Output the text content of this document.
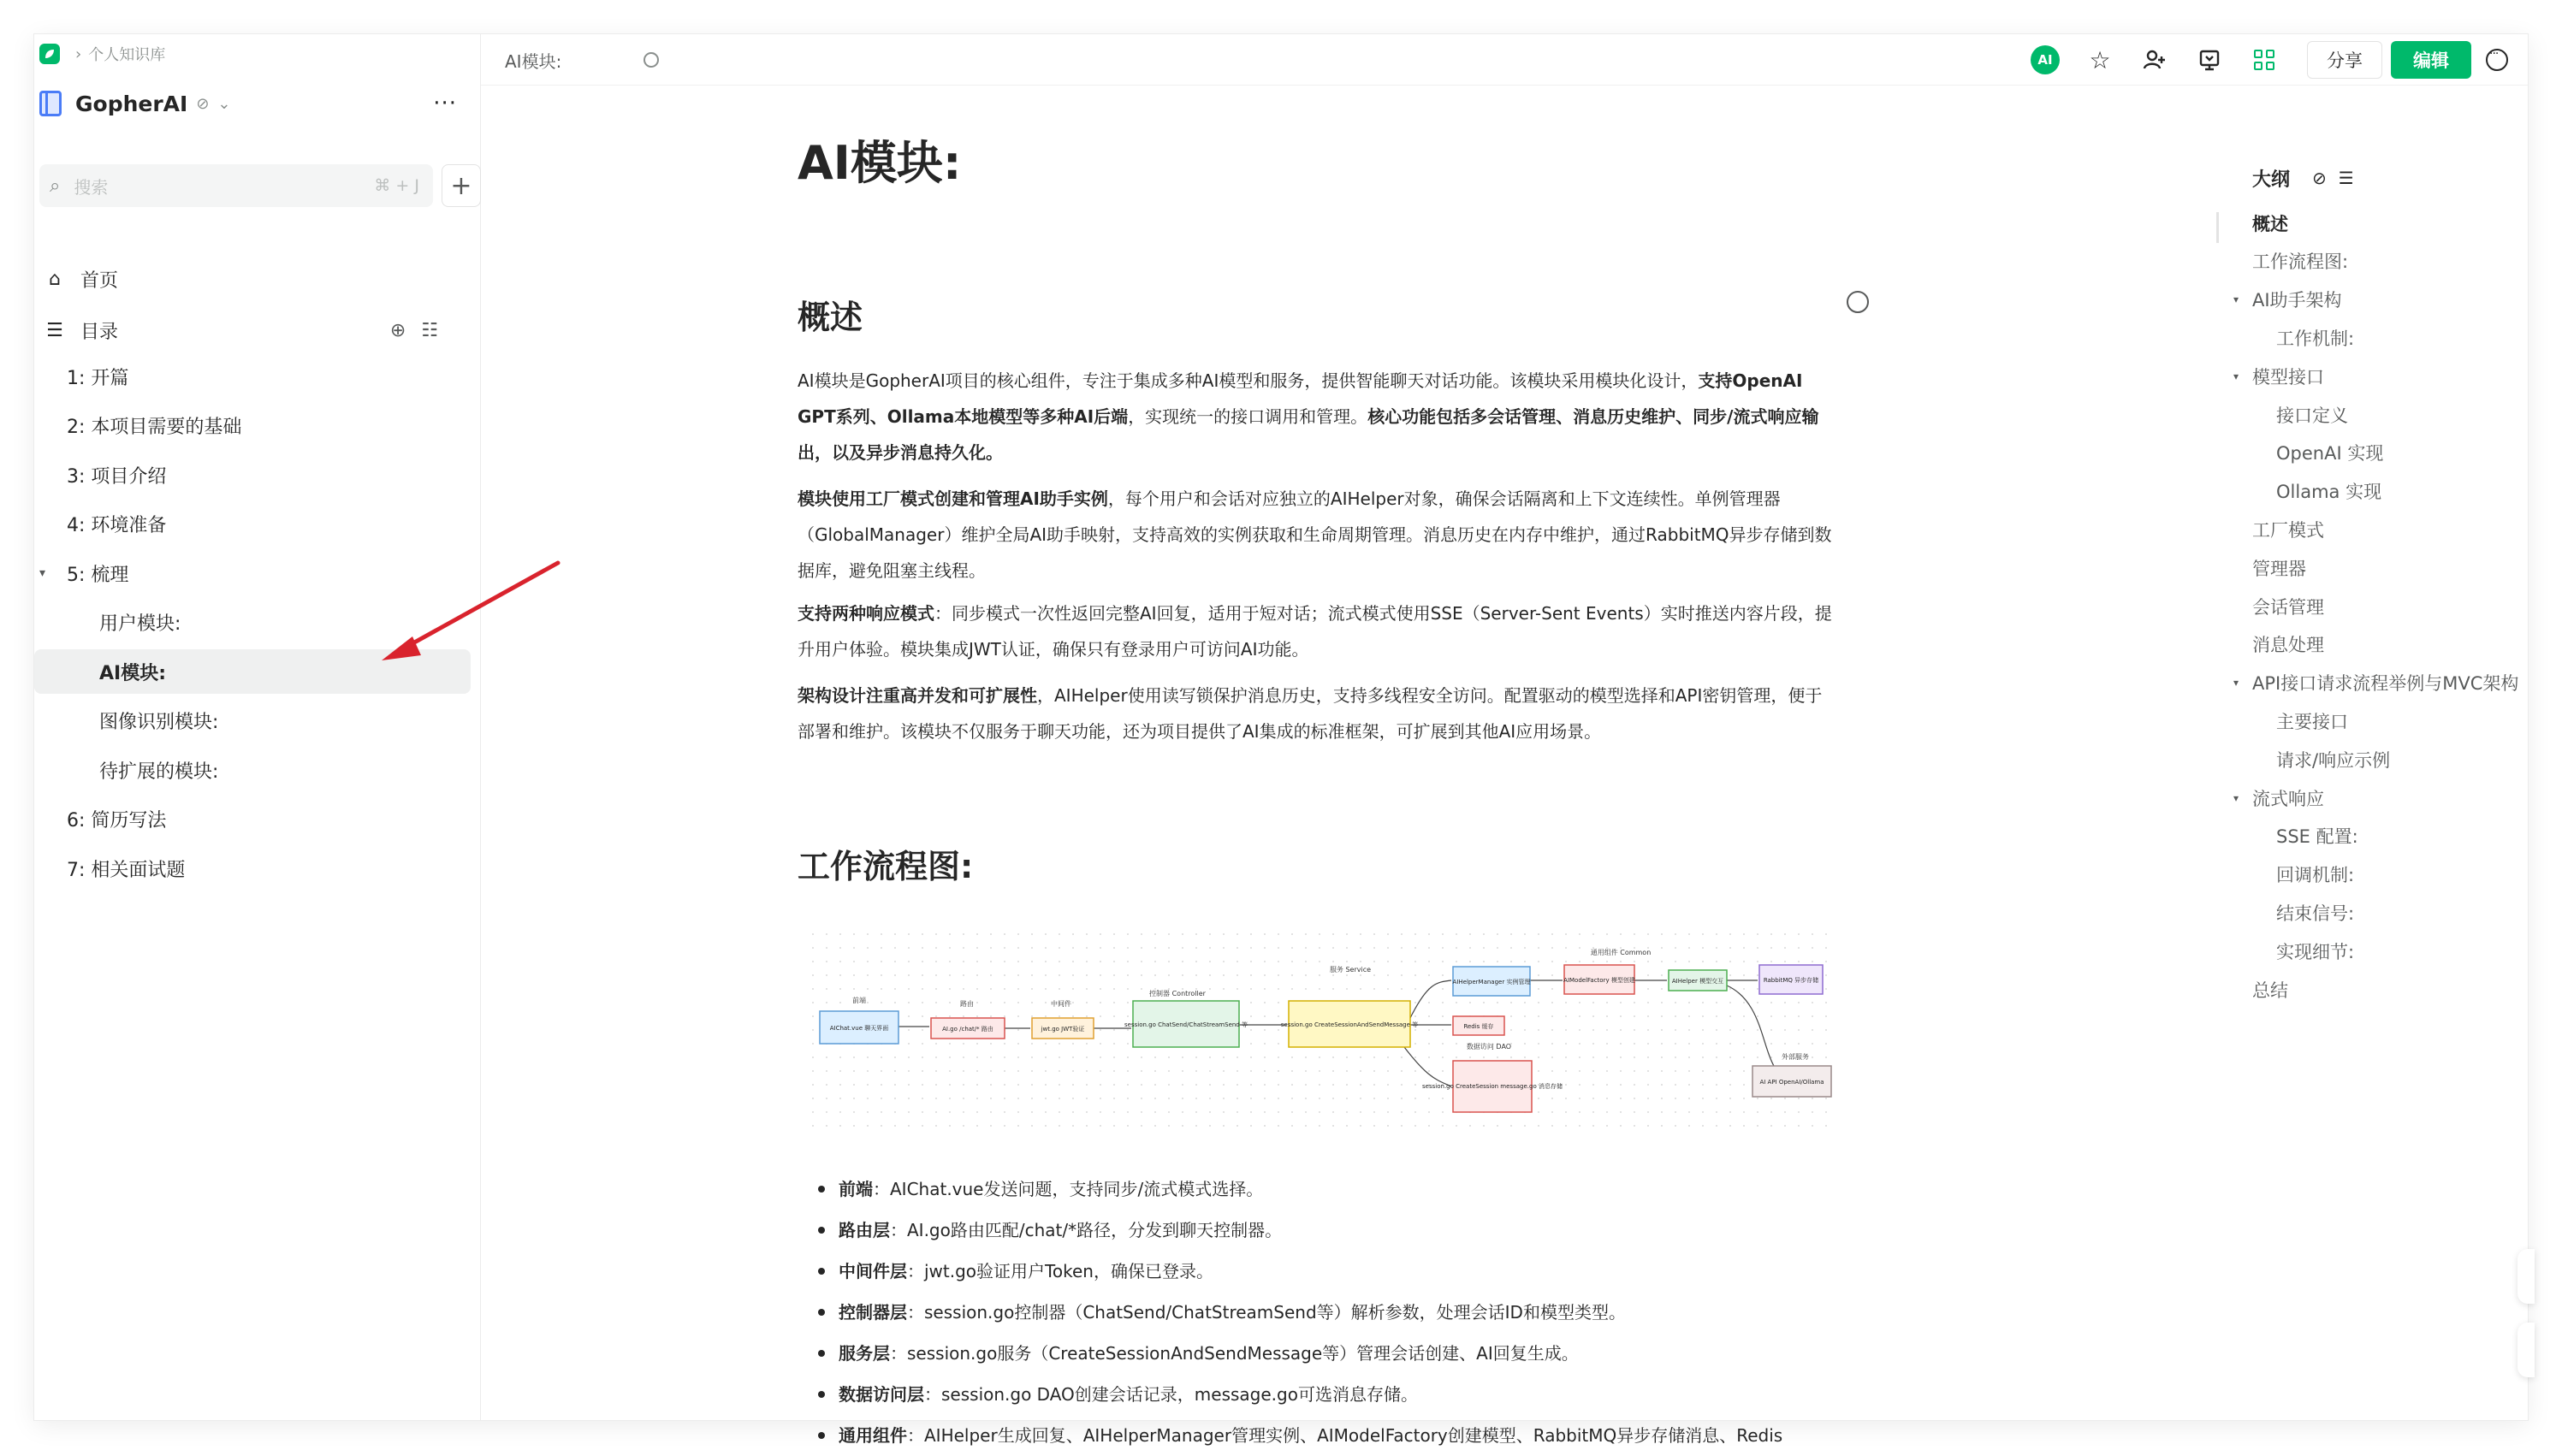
› 个人知识库
GopherAI ⊘ ⌄	···
⌕ 搜索	⌘ + J	+
⌂	首页
☰ 目录	⊕☷
1: 开篇
2: 本项目需要的基础
3: 项目介绍
4: 环境准备
▾ 5: 梳理
用户模块:
AI模块:
图像识别模块:
待扩展的模块:
6: 简历写法
7: 相关面试题
AI模块:	AI	☆	分享	编辑
···
AI模块:
概述

AI模块是GopherAI项目的核心组件，专注于集成多种AI模型和服务，提供智能聊天对话功能。该模块采用模块化设计，支持OpenAI GPT系列、Ollama本地模型等多种AI后端，实现统一的接口调用和管理。核心功能包括多会话管理、消息历史维护、同步/流式响应输出，以及异步消息持久化。

模块使用工厂模式创建和管理AI助手实例，每个用户和会话对应独立的AIHelper对象，确保会话隔离和上下文连续性。单例管理器（GlobalManager）维护全局AI助手映射，支持高效的实例获取和生命周期管理。消息历史在内存中维护，通过RabbitMQ异步存储到数据库，避免阻塞主线程。

支持两种响应模式：同步模式一次性返回完整AI回复，适用于短对话；流式模式使用SSE（Server-Sent Events）实时推送内容片段，提升用户体验。模块集成JWT认证，确保只有登录用户可访问AI功能。

架构设计注重高并发和可扩展性，AIHelper使用读写锁保护消息历史，支持多线程安全访问。配置驱动的模型选择和API密钥管理，便于部署和维护。该模块不仅服务于聊天功能，还为项目提供了AI集成的标准框架，可扩展到其他AI应用场景。

工作流程图:
前端	路由	中间件
控制器 Controller
服务 Service
通用组件 Common
数据访问 DAO
外部服务
AIChat.vue 聊天界面	AI.go /chat/* 路由	jwt.go JWT验证
session.go ChatSend/ChatStreamSend 等	session.go CreateSessionAndSendMessage 等
AIHelperManager 实例管理
Redis 缓存
session.go CreateSession message.go 消息存储
AIModelFactory 模型创建	AIHelper 模型交互	RabbitMQ 异步存储
AI API OpenAI/Ollama
前端：AIChat.vue发送问题，支持同步/流式模式选择。
路由层：AI.go路由匹配/chat/*路径，分发到聊天控制器。
中间件层：jwt.go验证用户Token，确保已登录。
控制器层：session.go控制器（ChatSend/ChatStreamSend等）解析参数，处理会话ID和模型类型。
服务层：session.go服务（CreateSessionAndSendMessage等）管理会话创建、AI回复生成。
数据访问层：session.go DAO创建会话记录，message.go可选消息存储。
通用组件：AIHelper生成回复、AIHelperManager管理实例、AIModelFactory创建模型、RabbitMQ异步存储消息、Redis
大纲 ⊘ ☰
概述
工作流程图:
▾ AI助手架构
工作机制:
▾ 模型接口
接口定义
OpenAI 实现
Ollama 实现
工厂模式
管理器
会话管理
消息处理
▾ API接口请求流程举例与MVC架构
主要接口
请求/响应示例
▾ 流式响应
SSE 配置:
回调机制:
结束信号:
实现细节:
总结
